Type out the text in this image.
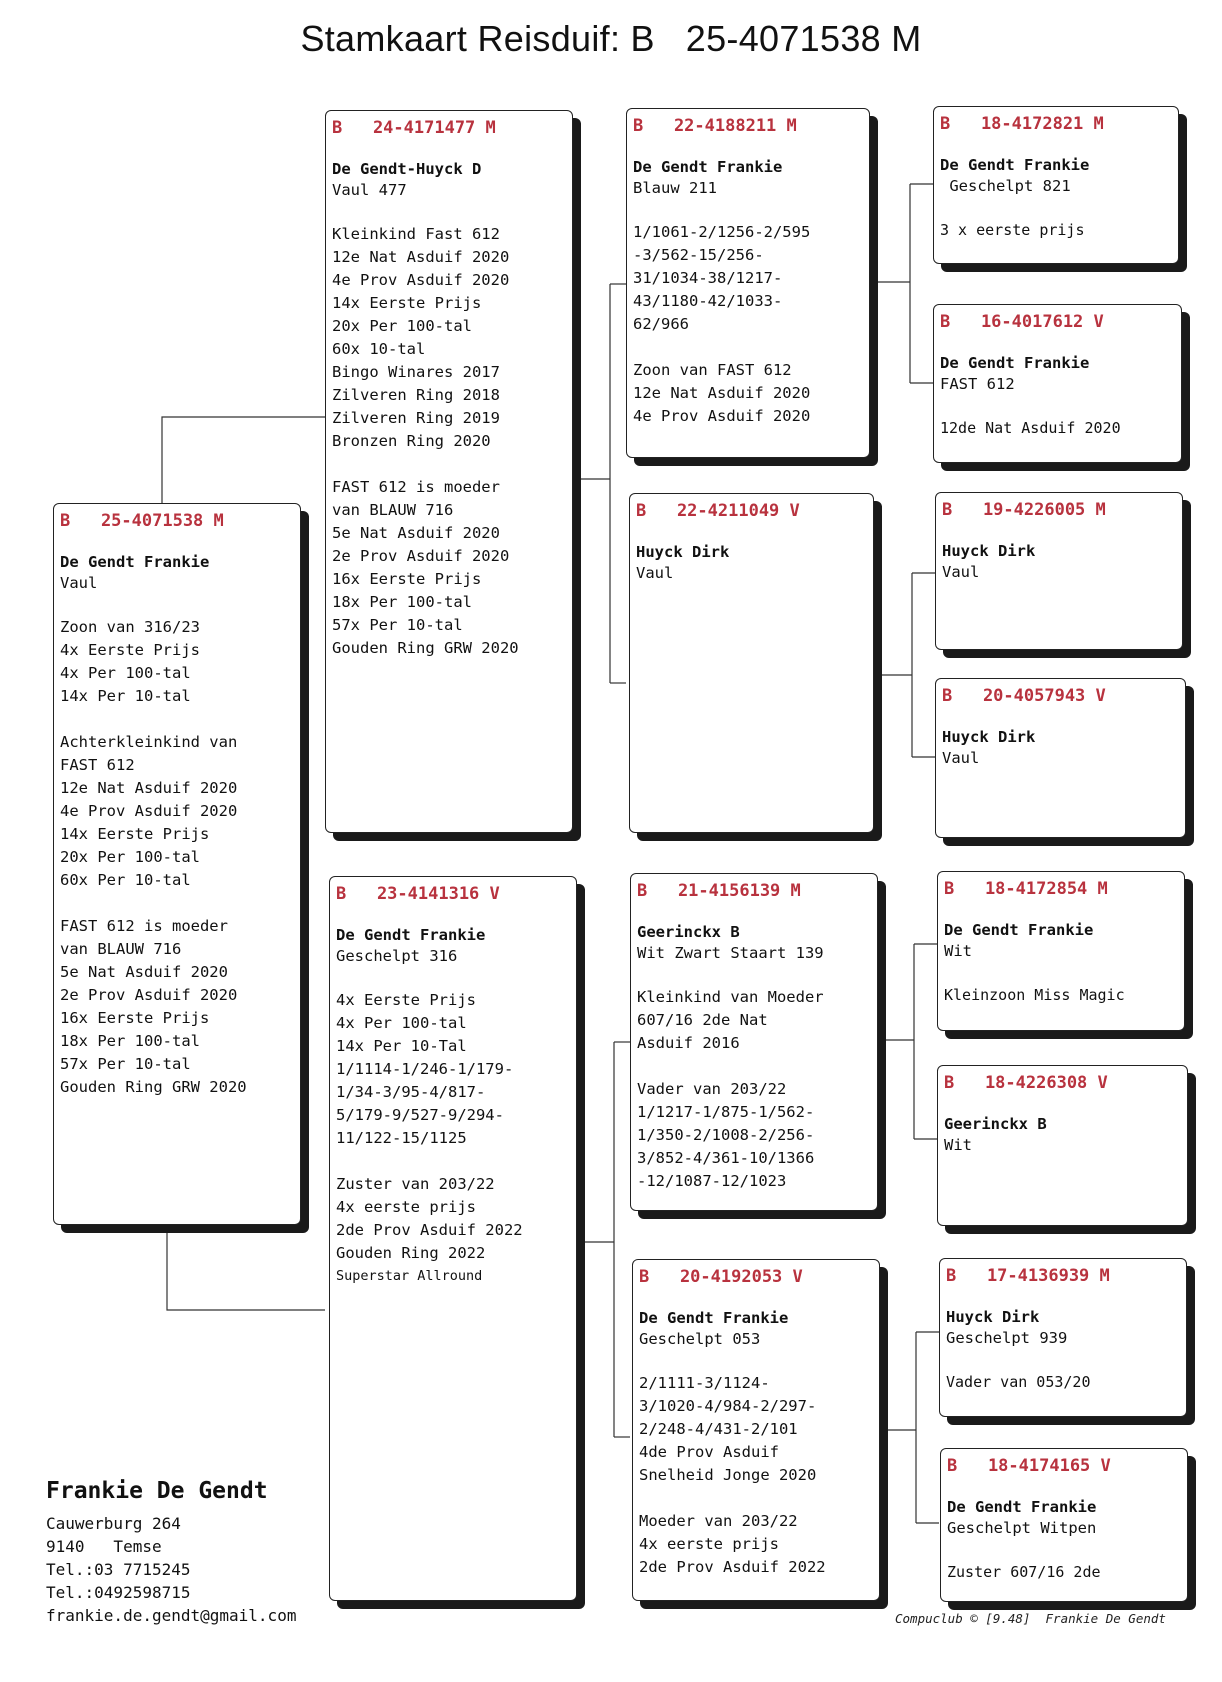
Stamkaart Reisduif: B   25-4071538 M
B   25-4071538 M
De Gendt Frankie
Vaul
Zoon van 316/23
4x Eerste Prijs
4x Per 100-tal
14x Per 10-tal
Achterkleinkind van
FAST 612
12e Nat Asduif 2020
4e Prov Asduif 2020
14x Eerste Prijs
20x Per 100-tal
60x Per 10-tal
FAST 612 is moeder
van BLAUW 716
5e Nat Asduif 2020
2e Prov Asduif 2020
16x Eerste Prijs
18x Per 100-tal
57x Per 10-tal
Gouden Ring GRW 2020
B   24-4171477 M
De Gendt-Huyck D
Vaul 477
Kleinkind Fast 612
12e Nat Asduif 2020
4e Prov Asduif 2020
14x Eerste Prijs
20x Per 100-tal
60x 10-tal
Bingo Winares 2017
Zilveren Ring 2018
Zilveren Ring 2019
Bronzen Ring 2020
FAST 612 is moeder
van BLAUW 716
5e Nat Asduif 2020
2e Prov Asduif 2020
16x Eerste Prijs
18x Per 100-tal
57x Per 10-tal
Gouden Ring GRW 2020
B   23-4141316 V
De Gendt Frankie
Geschelpt 316
4x Eerste Prijs
4x Per 100-tal
14x Per 10-Tal
1/1114-1/246-1/179-
1/34-3/95-4/817-
5/179-9/527-9/294-
11/122-15/1125
Zuster van 203/22
4x eerste prijs
2de Prov Asduif 2022
Gouden Ring 2022
Superstar Allround
B   22-4188211 M
De Gendt Frankie
Blauw 211
1/1061-2/1256-2/595
-3/562-15/256-
31/1034-38/1217-
43/1180-42/1033-
62/966
Zoon van FAST 612
12e Nat Asduif 2020
4e Prov Asduif 2020
B   22-4211049 V
Huyck Dirk
Vaul
B   21-4156139 M
Geerinckx B
Wit Zwart Staart 139
Kleinkind van Moeder
607/16 2de Nat
Asduif 2016
Vader van 203/22
1/1217-1/875-1/562-
1/350-2/1008-2/256-
3/852-4/361-10/1366
-12/1087-12/1023
B   20-4192053 V
De Gendt Frankie
Geschelpt 053
2/1111-3/1124-
3/1020-4/984-2/297-
2/248-4/431-2/101
4de Prov Asduif
Snelheid Jonge 2020
Moeder van 203/22
4x eerste prijs
2de Prov Asduif 2022
B   18-4172821 M
De Gendt Frankie
Geschelpt 821
3 x eerste prijs
B   16-4017612 V
De Gendt Frankie
FAST 612
12de Nat Asduif 2020
B   19-4226005 M
Huyck Dirk
Vaul
B   20-4057943 V
Huyck Dirk
Vaul
B   18-4172854 M
De Gendt Frankie
Wit
Kleinzoon Miss Magic
B   18-4226308 V
Geerinckx B
Wit
B   17-4136939 M
Huyck Dirk
Geschelpt 939
Vader van 053/20
B   18-4174165 V
De Gendt Frankie
Geschelpt Witpen
Zuster 607/16 2de
Frankie De Gendt
Cauwerburg 264
9140   Temse
Tel.:03 7715245
Tel.:0492598715
frankie.de.gendt@gmail.com	Compuclub © [9.48]  Frankie De Gendt
